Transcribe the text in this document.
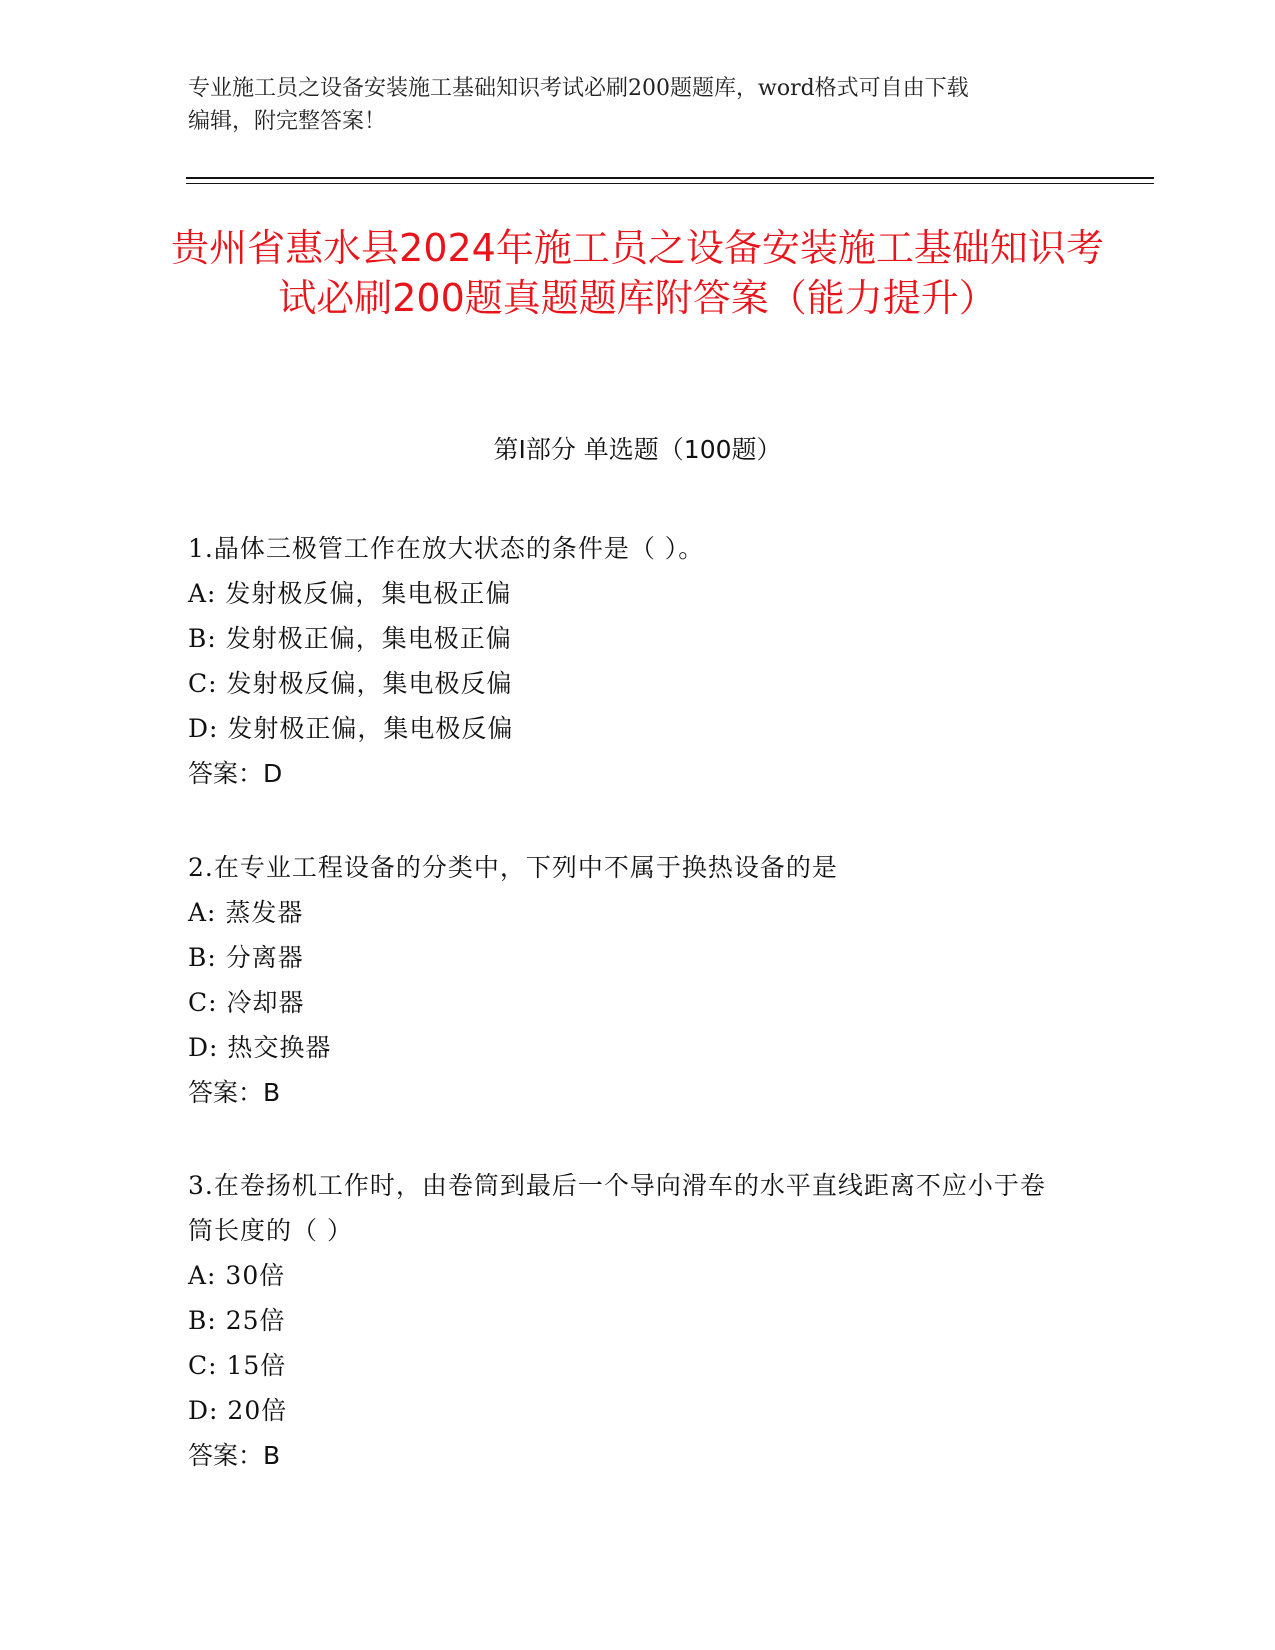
专业施工员之设备安装施工基础知识考试必刷200题题库，word格式可自由下载
编辑，附完整答案！
贵州省惠水县2024年施工员之设备安装施工基础知识考试必刷200题真题题库附答案（能力提升）
第Ⅰ部分 单选题（100题）
1.晶体三极管工作在放大状态的条件是（ ）。
A: 发射极反偏，集电极正偏
B: 发射极正偏，集电极正偏
C: 发射极反偏，集电极反偏
D: 发射极正偏，集电极反偏
答案：D
2.在专业工程设备的分类中，下列中不属于换热设备的是
A: 蒸发器
B: 分离器
C: 冷却器
D: 热交换器
答案：B
3.在卷扬机工作时，由卷筒到最后一个导向滑车的水平直线距离不应小于卷筒长度的（ ）
A: 30倍
B: 25倍
C: 15倍
D: 20倍
答案：B
